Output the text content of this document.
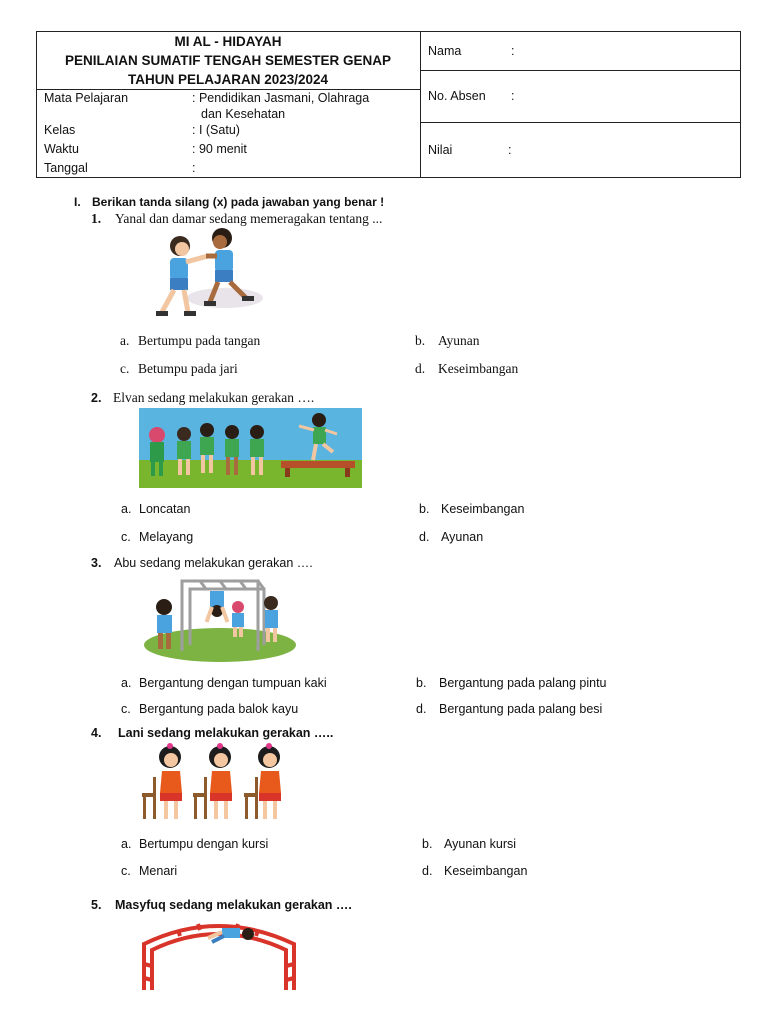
MI AL - HIDAYAH
PENILAIAN SUMATIF TENGAH SEMESTER GENAP
TAHUN PELAJARAN 2023/2024
Mata Pelajaran	: Pendidikan Jasmani, Olahraga
dan Kesehatan
Kelas	: I (Satu)
Waktu	: 90 menit
Tanggal	:
Nama	:
No. Absen :
Nilai	:
I. Berikan tanda silang (x) pada jawaban yang benar !
1. Yanal dan damar sedang memeragakan tentang ...
a. Bertumpu pada tangan	b. Ayunan
c. Betumpu pada jari	d. Keseimbangan
2. Elvan sedang melakukan gerakan ….
a. Loncatan	b. Keseimbangan
c. Melayang	d. Ayunan
3. Abu sedang melakukan gerakan ….
a. Bergantung dengan tumpuan kaki	b. Bergantung pada palang pintu
c. Bergantung pada balok kayu	d. Bergantung pada palang besi
4. Lani sedang melakukan gerakan …..
a. Bertumpu dengan kursi	b. Ayunan kursi
c. Menari	d. Keseimbangan
5. Masyfuq sedang melakukan gerakan ….
